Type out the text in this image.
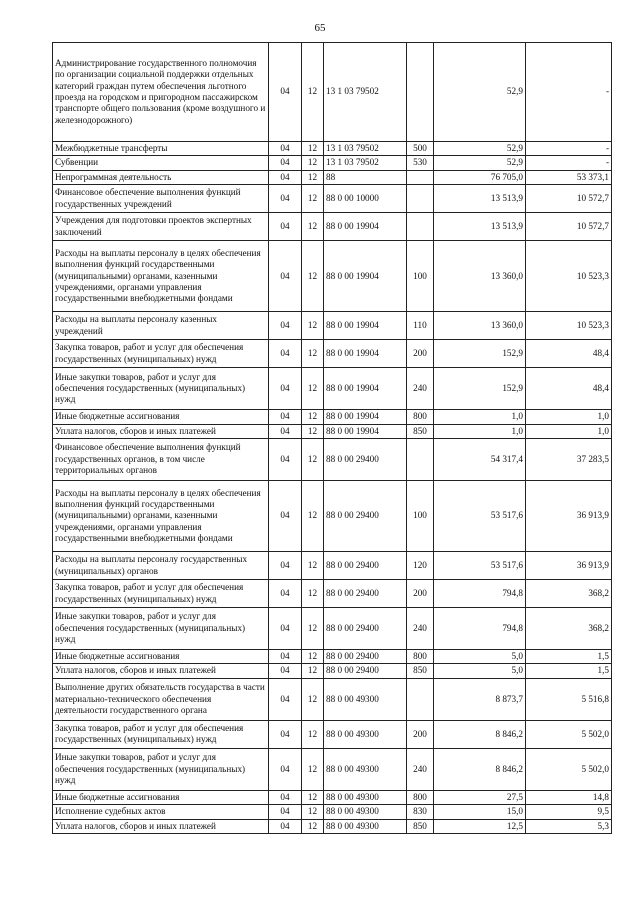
65
Администрирование государственного полномочия по организации социальной поддержки отдельных категорий граждан путем обеспечения льготного проезда на городском и пригородном пассажирском транспорте общего пользования (кроме воздушного и железнодорожного)	04	12	13 1 03 79502		52,9	-
Межбюджетные трансферты	04	12	13 1 03 79502	500	52,9	-
Субвенции	04	12	13 1 03 79502	530	52,9	-
Непрограммная деятельность	04	12	88		76 705,0	53 373,1
Финансовое обеспечение выполнения функций государственных учреждений	04	12	88 0 00 10000		13 513,9	10 572,7
Учреждения для подготовки проектов экспертных заключений	04	12	88 0 00 19904		13 513,9	10 572,7
Расходы на выплаты персоналу в целях обеспечения выполнения функций государственными (муниципальными) органами, казенными учреждениями, органами управления государственными внебюджетными фондами	04	12	88 0 00 19904	100	13 360,0	10 523,3
Расходы на выплаты персоналу казенных учреждений	04	12	88 0 00 19904	110	13 360,0	10 523,3
Закупка товаров, работ и услуг для обеспечения государственных (муниципальных) нужд	04	12	88 0 00 19904	200	152,9	48,4
Иные закупки товаров, работ и услуг для обеспечения государственных (муниципальных) нужд	04	12	88 0 00 19904	240	152,9	48,4
Иные бюджетные ассигнования	04	12	88 0 00 19904	800	1,0	1,0
Уплата налогов, сборов и иных платежей	04	12	88 0 00 19904	850	1,0	1,0
Финансовое обеспечение выполнения функций государственных органов, в том числе территориальных органов	04	12	88 0 00 29400		54 317,4	37 283,5
Расходы на выплаты персоналу в целях обеспечения выполнения функций государственными (муниципальными) органами, казенными учреждениями, органами управления государственными внебюджетными фондами	04	12	88 0 00 29400	100	53 517,6	36 913,9
Расходы на выплаты персоналу государственных (муниципальных) органов	04	12	88 0 00 29400	120	53 517,6	36 913,9
Закупка товаров, работ и услуг для обеспечения государственных (муниципальных) нужд	04	12	88 0 00 29400	200	794,8	368,2
Иные закупки товаров, работ и услуг для обеспечения государственных (муниципальных) нужд	04	12	88 0 00 29400	240	794,8	368,2
Иные бюджетные ассигнования	04	12	88 0 00 29400	800	5,0	1,5
Уплата налогов, сборов и иных платежей	04	12	88 0 00 29400	850	5,0	1,5
Выполнение других обязательств государства в части материально-технического обеспечения деятельности государственного органа	04	12	88 0 00 49300		8 873,7	5 516,8
Закупка товаров, работ и услуг для обеспечения государственных (муниципальных) нужд	04	12	88 0 00 49300	200	8 846,2	5 502,0
Иные закупки товаров, работ и услуг для обеспечения государственных (муниципальных) нужд	04	12	88 0 00 49300	240	8 846,2	5 502,0
Иные бюджетные ассигнования	04	12	88 0 00 49300	800	27,5	14,8
Исполнение судебных актов	04	12	88 0 00 49300	830	15,0	9,5
Уплата налогов, сборов и иных платежей	04	12	88 0 00 49300	850	12,5	5,3
